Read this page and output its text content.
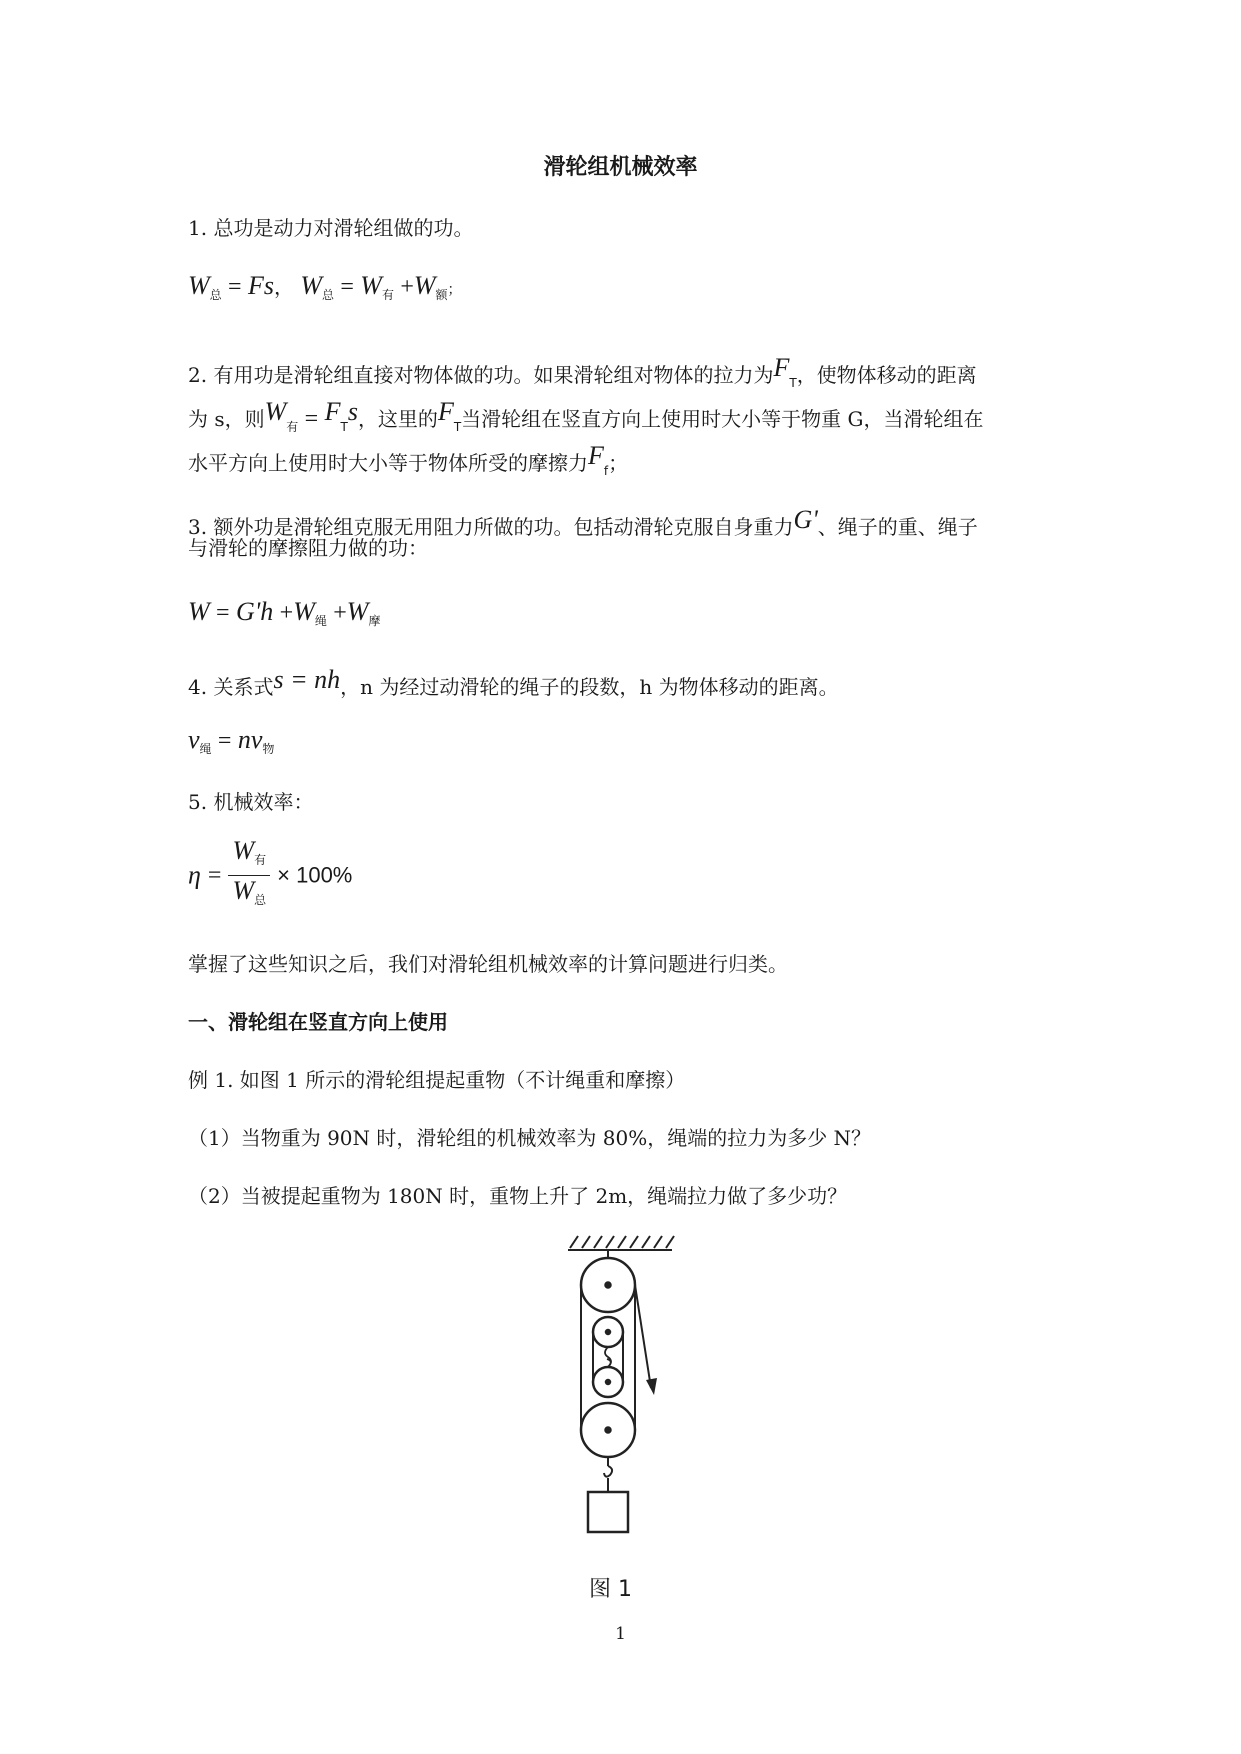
滑轮组机械效率
1. 总功是动力对滑轮组做的功。
$W_总 = Fs$， $W_总 = W_有 +W_额$；
2. 有用功是滑轮组直接对物体做的功。如果滑轮组对物体的拉力为$F_T$，使物体移动的距离
为 s，则$W_有 = F_Ts$，这里的$F_T$当滑轮组在竖直方向上使用时大小等于物重 G，当滑轮组在
水平方向上使用时大小等于物体所受的摩擦力$F_f$；
3. 额外功是滑轮组克服无用阻力所做的功。包括动滑轮克服自身重力G'、绳子的重、绳子
与滑轮的摩擦阻力做的功：
$W = G'h +W_绳 +W_摩$
4. 关系式s = nh，n 为经过动滑轮的绳子的段数，h 为物体移动的距离。
$v_绳 = nv_物$
5. 机械效率：
$\eta = \frac{W_有}{W_总} \times 100\%$
掌握了这些知识之后，我们对滑轮组机械效率的计算问题进行归类。
一、滑轮组在竖直方向上使用
例 1. 如图 1 所示的滑轮组提起重物（不计绳重和摩擦）
（1）当物重为 90N 时，滑轮组的机械效率为 80%，绳端的拉力为多少 N？
（2）当被提起重物为 180N 时，重物上升了 2m，绳端拉力做了多少功？
图 1
1
